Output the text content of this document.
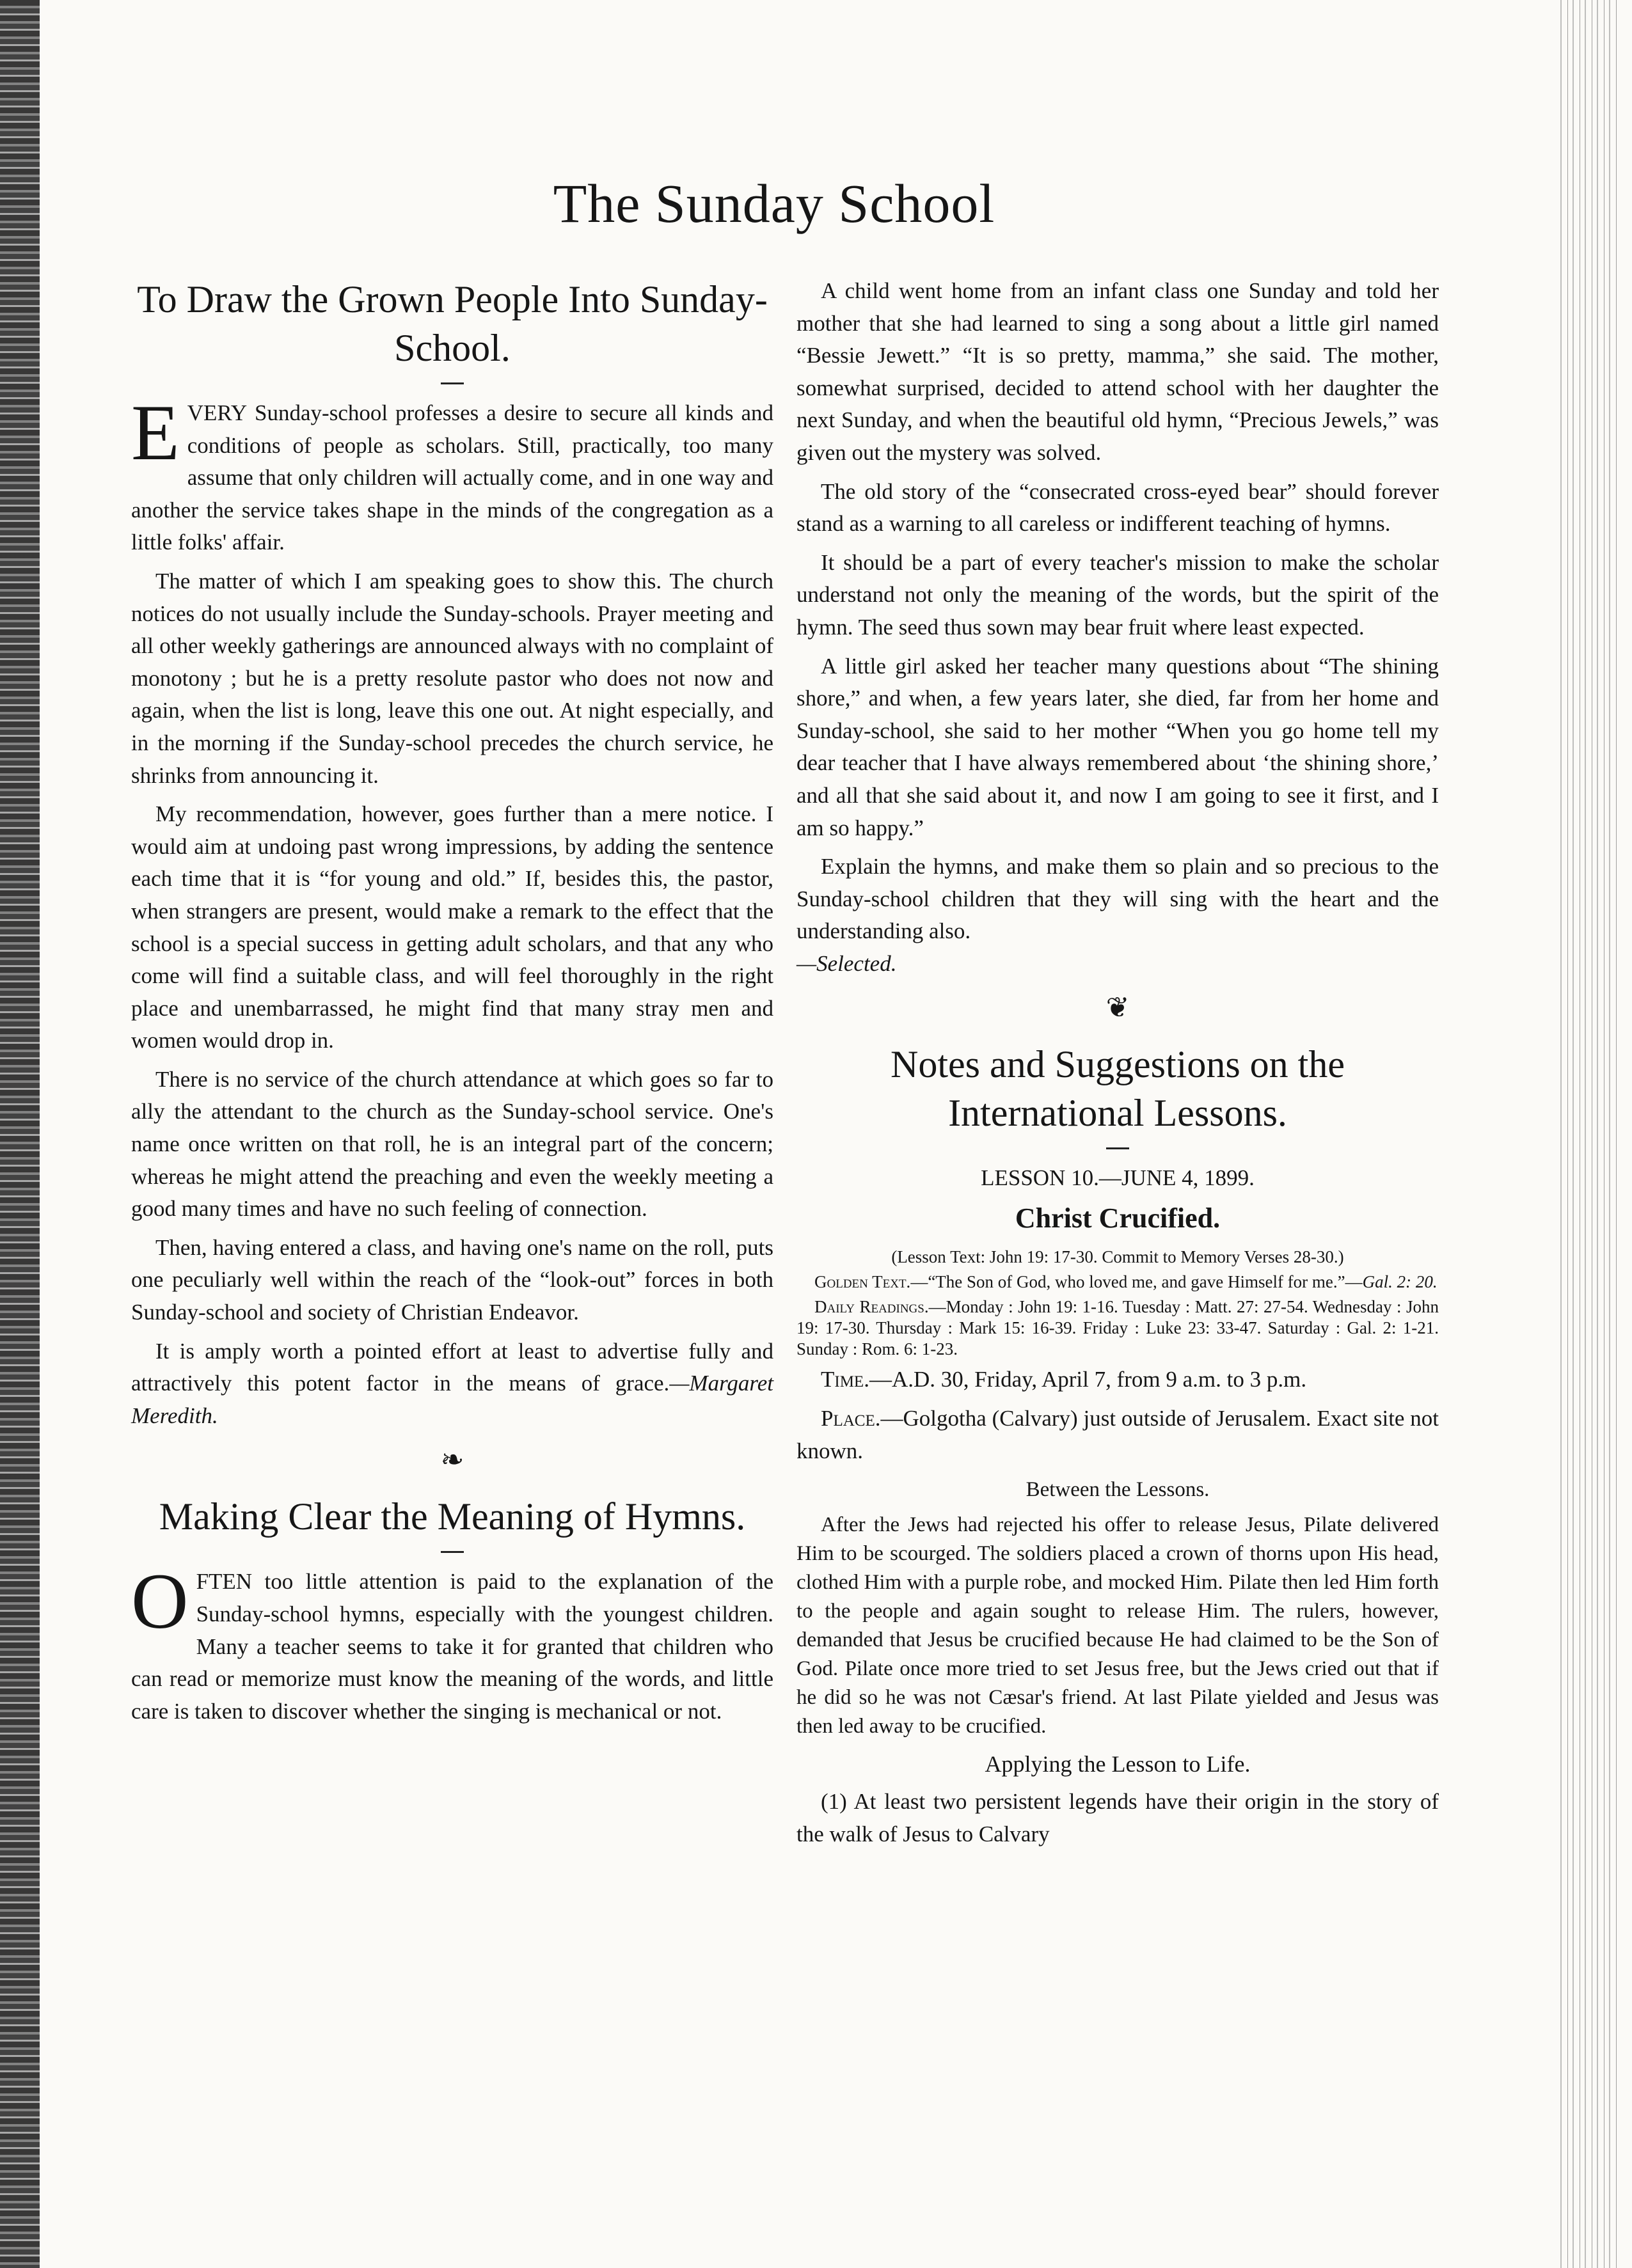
The Sunday School
To Draw the Grown People Into Sunday-School.

EVERY Sunday-school professes a desire to secure all kinds and conditions of people as scholars. Still, practically, too many assume that only children will actually come, and in one way and another the service takes shape in the minds of the congregation as a little folks' affair.

The matter of which I am speaking goes to show this. The church notices do not usually include the Sunday-schools. Prayer meeting and all other weekly gatherings are announced always with no complaint of monotony ; but he is a pretty resolute pastor who does not now and again, when the list is long, leave this one out. At night especially, and in the morning if the Sunday-school precedes the church service, he shrinks from announcing it.

My recommendation, however, goes further than a mere notice. I would aim at undoing past wrong impressions, by adding the sentence each time that it is “for young and old.” If, besides this, the pastor, when strangers are present, would make a remark to the effect that the school is a special success in getting adult scholars, and that any who come will find a suitable class, and will feel thoroughly in the right place and unembarrassed, he might find that many stray men and women would drop in.

There is no service of the church attendance at which goes so far to ally the attendant to the church as the Sunday-school service. One's name once written on that roll, he is an integral part of the concern; whereas he might attend the preaching and even the weekly meeting a good many times and have no such feeling of connection.

Then, having entered a class, and having one's name on the roll, puts one peculiarly well within the reach of the “look-out” forces in both Sunday-school and society of Christian Endeavor.

It is amply worth a pointed effort at least to advertise fully and attractively this potent factor in the means of grace.—Margaret Meredith.

❧
Making Clear the Meaning of Hymns.

OFTEN too little attention is paid to the explanation of the Sunday-school hymns, especially with the youngest children. Many a teacher seems to take it for granted that children who can read or memorize must know the meaning of the words, and little care is taken to discover whether the singing is mechanical or not.

A child went home from an infant class one Sunday and told her mother that she had learned to sing a song about a little girl named “Bessie Jewett.” “It is so pretty, mamma,” she said. The mother, somewhat surprised, decided to attend school with her daughter the next Sunday, and when the beautiful old hymn, “Precious Jewels,” was given out the mystery was solved.

The old story of the “consecrated cross-eyed bear” should forever stand as a warning to all careless or indifferent teaching of hymns.

It should be a part of every teacher's mission to make the scholar understand not only the meaning of the words, but the spirit of the hymn. The seed thus sown may bear fruit where least expected.

A little girl asked her teacher many questions about “The shining shore,” and when, a few years later, she died, far from her home and Sunday-school, she said to her mother “When you go home tell my dear teacher that I have always remembered about ‘the shining shore,’ and all that she said about it, and now I am going to see it first, and I am so happy.”

Explain the hymns, and make them so plain and so precious to the Sunday-school children that they will sing with the heart and the understanding also.
—Selected.

❦
Notes and Suggestions on the International Lessons.
LESSON 10.—JUNE 4, 1899.
Christ Crucified.

(Lesson Text: John 19: 17-30. Commit to Memory Verses 28-30.)

Golden Text.—“The Son of God, who loved me, and gave Himself for me.”—Gal. 2: 20.

Daily Readings.—Monday : John 19: 1-16. Tuesday : Matt. 27: 27-54. Wednesday : John 19: 17-30. Thursday : Mark 15: 16-39. Friday : Luke 23: 33-47. Saturday : Gal. 2: 1-21. Sunday : Rom. 6: 1-23.

Time.—A.D. 30, Friday, April 7, from 9 a.m. to 3 p.m.

Place.—Golgotha (Calvary) just outside of Jerusalem. Exact site not known.

Between the Lessons.

After the Jews had rejected his offer to release Jesus, Pilate delivered Him to be scourged. The soldiers placed a crown of thorns upon His head, clothed Him with a purple robe, and mocked Him. Pilate then led Him forth to the people and again sought to release Him. The rulers, however, demanded that Jesus be crucified because He had claimed to be the Son of God. Pilate once more tried to set Jesus free, but the Jews cried out that if he did so he was not Cæsar's friend. At last Pilate yielded and Jesus was then led away to be crucified.

Applying the Lesson to Life.

(1) At least two persistent legends have their origin in the story of the walk of Jesus to Calvary
